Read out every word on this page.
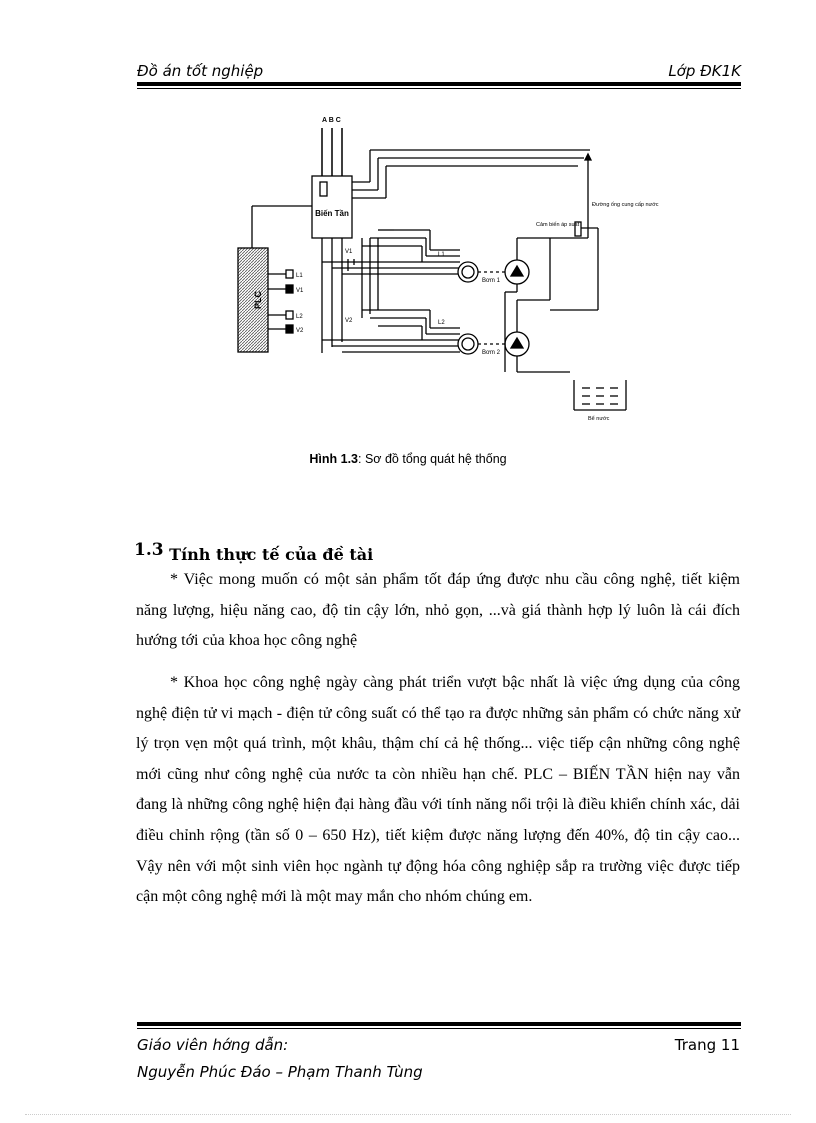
Đồ án tốt nghiệp	Lớp ĐK1K
A B C
Biến Tần
PLC
L1
V1
L2
V2
V1
V2
L1
L2
Bơm 1
Bơm 2
Đường ống cung cấp nước
Cảm biến áp suất
Bể nước
Hình 1.3: Sơ đồ tổng quát hệ thống
1.3 Tính thực tế của đề tài

* Việc mong muốn có một sản phẩm tốt đáp ứng được nhu cầu công nghệ, tiết kiệm năng lượng, hiệu năng cao, độ tin cậy lớn, nhỏ gọn, ...và giá thành hợp lý luôn là cái đích hướng tới của khoa học công nghệ

* Khoa học công nghệ ngày càng phát triển vượt bậc nhất là việc ứng dụng của công nghệ điện tử vi mạch - điện tử công suất có thể tạo ra được những sản phẩm có chức năng xử lý trọn vẹn một quá trình, một khâu, thậm chí cả hệ thống... việc tiếp cận những công nghệ mới cũng như công nghệ của nước ta còn nhiều hạn chế. PLC – BIẾN TẦN hiện nay vẫn đang là những công nghệ hiện đại hàng đầu với tính năng nổi trội là điều khiển chính xác, dải điều chỉnh rộng (tần số 0 – 650 Hz), tiết kiệm được năng lượng đến 40%, độ tin cậy cao... Vậy nên với một sinh viên học ngành tự động hóa công nghiệp sắp ra trường việc được tiếp cận một công nghệ mới là một may mắn cho nhóm chúng em.

Giáo viên hớng dẫn:	Trang 11
Nguyễn Phúc Đáo – Phạm Thanh Tùng
